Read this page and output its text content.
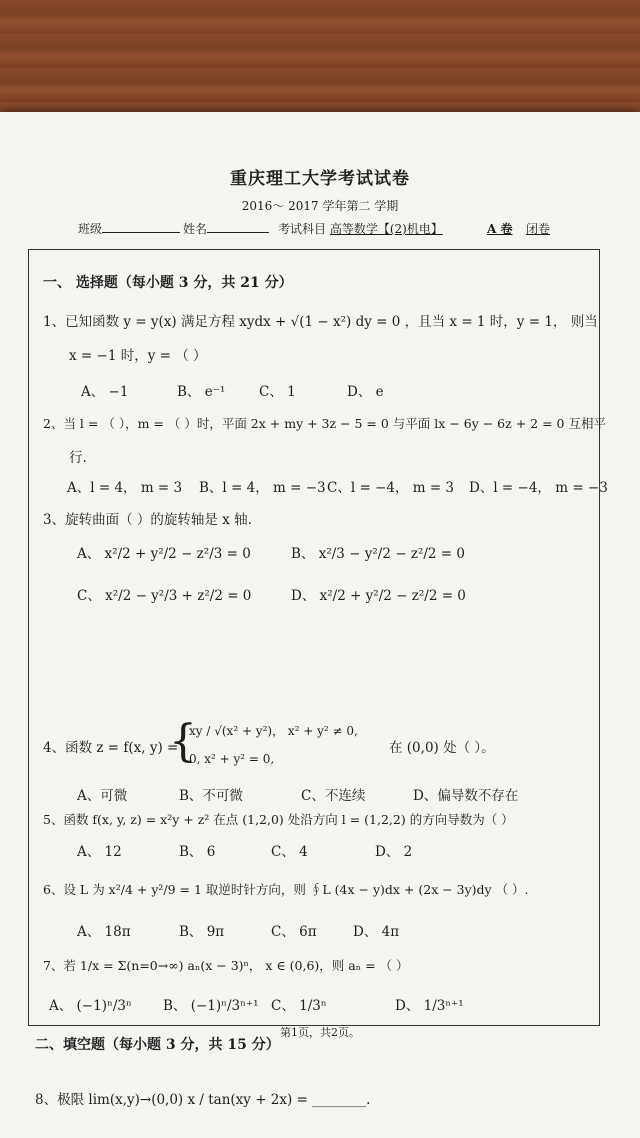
重庆理工大学考试试卷
2016～ 2017 学年第二 学期
班级	姓名	考试科目 高等数学【(2)机电】	A 卷 闭卷
一、 选择题（每小题 3 分，共 21 分）
1、已知函数 y = y(x) 满足方程 xydx + √(1 − x²) dy = 0 ，且当 x = 1 时，y = 1， 则当
x = −1 时，y = （ ）
A、 −1	B、 e⁻¹	C、 1	D、 e
2、当 l = （ ），m = （ ）时，平面 2x + my + 3z − 5 = 0 与平面 lx − 6y − 6z + 2 = 0 互相平
行.
A、l = 4， m = 3 B、l = 4， m = −3 C、l = −4， m = 3 D、l = −4， m = −3
3、旋转曲面（ ）的旋转轴是 x 轴.
A、 x²/2 + y²/2 − z²/3 = 0	B、 x²/3 − y²/2 − z²/2 = 0
C、 x²/2 − y²/3 + z²/2 = 0	D、 x²/2 + y²/2 − z²/2 = 0
4、函数 z = f(x, y) =
{
xy / √(x² + y²)， x² + y² ≠ 0,
0, x² + y² = 0,
在 (0,0) 处（ ）。
A、可微	B、不可微	C、不连续	D、偏导数不存在
5、函数 f(x, y, z) = x²y + z² 在点 (1,2,0) 处沿方向 l = (1,2,2) 的方向导数为（ ）
A、 12	B、 6	C、 4	D、 2
6、设 L 为 x²/4 + y²/9 = 1 取逆时针方向，则 ∮L (4x − y)dx + (2x − 3y)dy （ ）.
A、 18π	B、 9π	C、 6π	D、 4π
7、若 1/x = Σ(n=0→∞) aₙ(x − 3)ⁿ， x ∈ (0,6)，则 aₙ = （ ）
A、 (−1)ⁿ/3ⁿ B、 (−1)ⁿ/3ⁿ⁺¹ C、 1/3ⁿ	D、 1/3ⁿ⁺¹
二、填空题（每小题 3 分，共 15 分）
8、极限 lim(x,y)→(0,0) x / tan(xy + 2x) = ________.
第1页，共2页。
